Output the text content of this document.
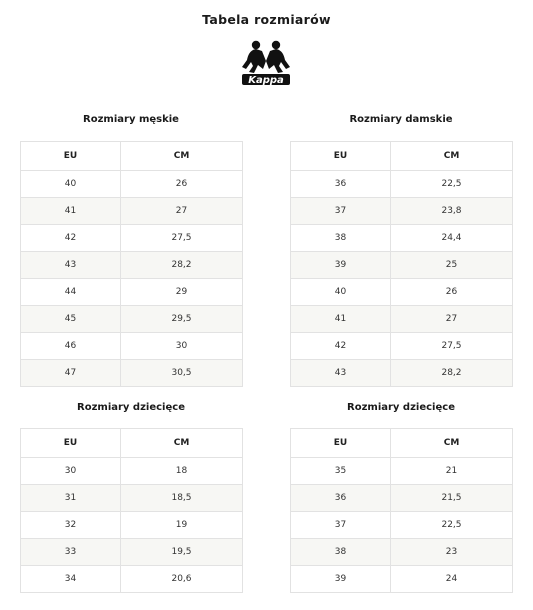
Tabela rozmiarów
Kappa
Rozmiary męskie	Rozmiary damskie
Rozmiary dziecięce	Rozmiary dziecięce
EU	CM
40	26
41	27
42	27,5
43	28,2
44	29
45	29,5
46	30
47	30,5
EU	CM
36	22,5
37	23,8
38	24,4
39	25
40	26
41	27
42	27,5
43	28,2
EU	CM
30	18
31	18,5
32	19
33	19,5
34	20,6
EU	CM
35	21
36	21,5
37	22,5
38	23
39	24
